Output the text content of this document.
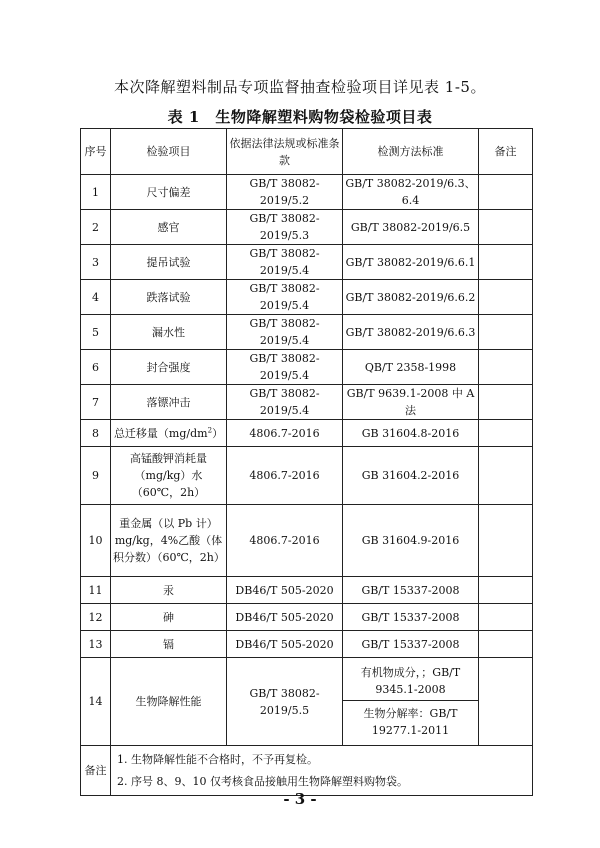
本次降解塑料制品专项监督抽查检验项目详见表 1-5。
表 1　生物降解塑料购物袋检验项目表
序号	检验项目	依据法律法规或标准条款	检测方法标准	备注
1	尺寸偏差	GB/T 38082-2019/5.2	GB/T 38082-2019/6.3、6.4	
2	感官	GB/T 38082-2019/5.3	GB/T 38082-2019/6.5	
3	提吊试验	GB/T 38082-2019/5.4	GB/T 38082-2019/6.6.1	
4	跌落试验	GB/T 38082-2019/5.4	GB/T 38082-2019/6.6.2	
5	漏水性	GB/T 38082-2019/5.4	GB/T 38082-2019/6.6.3	
6	封合强度	GB/T 38082-2019/5.4	QB/T 2358-1998	
7	落镖冲击	GB/T 38082-2019/5.4	GB/T 9639.1-2008 中 A 法	
8	总迁移量$(mg/dm^2)$	4806.7-2016	GB 31604.8-2016	
9	高锰酸钾消耗量（mg/kg）水（60℃，2h）	4806.7-2016	GB 31604.2-2016	
10	重金属（以 Pb 计）mg/kg，4%乙酸（体积分数）（60℃，2h）	4806.7-2016	GB 31604.9-2016	
11	汞	DB46/T 505-2020	GB/T 15337-2008	
12	砷	DB46/T 505-2020	GB/T 15337-2008	
13	镉	DB46/T 505-2020	GB/T 15337-2008	
14	生物降解性能	GB/T 38082-2019/5.5	有机物成分，；GB/T 9345.1-2008
生物分解率：GB/T 19277.1-2011	

备注	1. 生物降解性能不合格时，不予再复检。
2. 序号 8、9、10 仅考核食品接触用生物降解塑料购物袋。			
- 3 -
